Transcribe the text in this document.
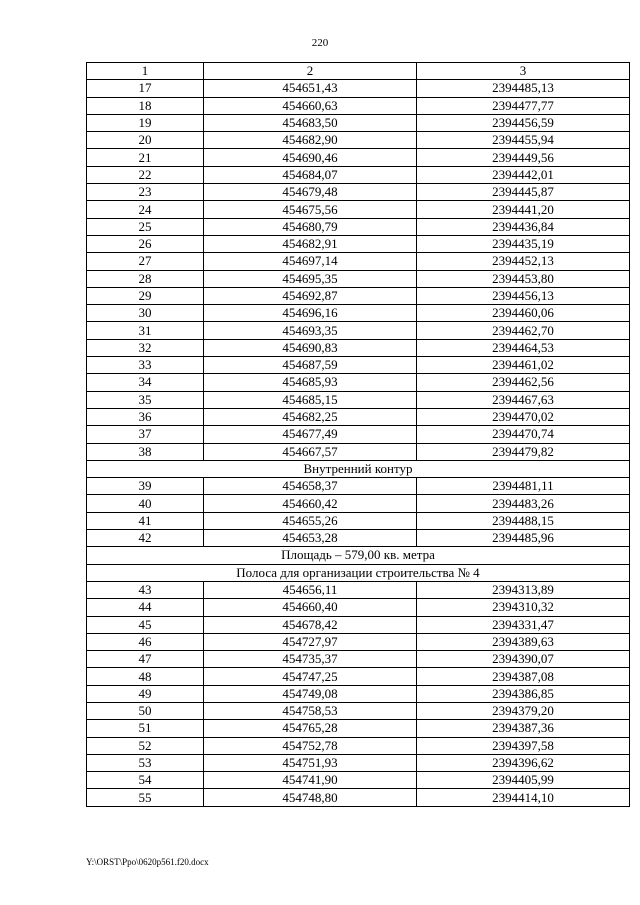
220
1	2	3
17	454651,43	2394485,13
18	454660,63	2394477,77
19	454683,50	2394456,59
20	454682,90	2394455,94
21	454690,46	2394449,56
22	454684,07	2394442,01
23	454679,48	2394445,87
24	454675,56	2394441,20
25	454680,79	2394436,84
26	454682,91	2394435,19
27	454697,14	2394452,13
28	454695,35	2394453,80
29	454692,87	2394456,13
30	454696,16	2394460,06
31	454693,35	2394462,70
32	454690,83	2394464,53
33	454687,59	2394461,02
34	454685,93	2394462,56
35	454685,15	2394467,63
36	454682,25	2394470,02
37	454677,49	2394470,74
38	454667,57	2394479,82
Внутренний контур		
39	454658,37	2394481,11
40	454660,42	2394483,26
41	454655,26	2394488,15
42	454653,28	2394485,96
Площадь – 579,00 кв. метра		
Полоса для организации строительства № 4		
43	454656,11	2394313,89
44	454660,40	2394310,32
45	454678,42	2394331,47
46	454727,97	2394389,63
47	454735,37	2394390,07
48	454747,25	2394387,08
49	454749,08	2394386,85
50	454758,53	2394379,20
51	454765,28	2394387,36
52	454752,78	2394397,58
53	454751,93	2394396,62
54	454741,90	2394405,99
55	454748,80	2394414,10
Y:\ORST\Ppo\0620p561.f20.docx
